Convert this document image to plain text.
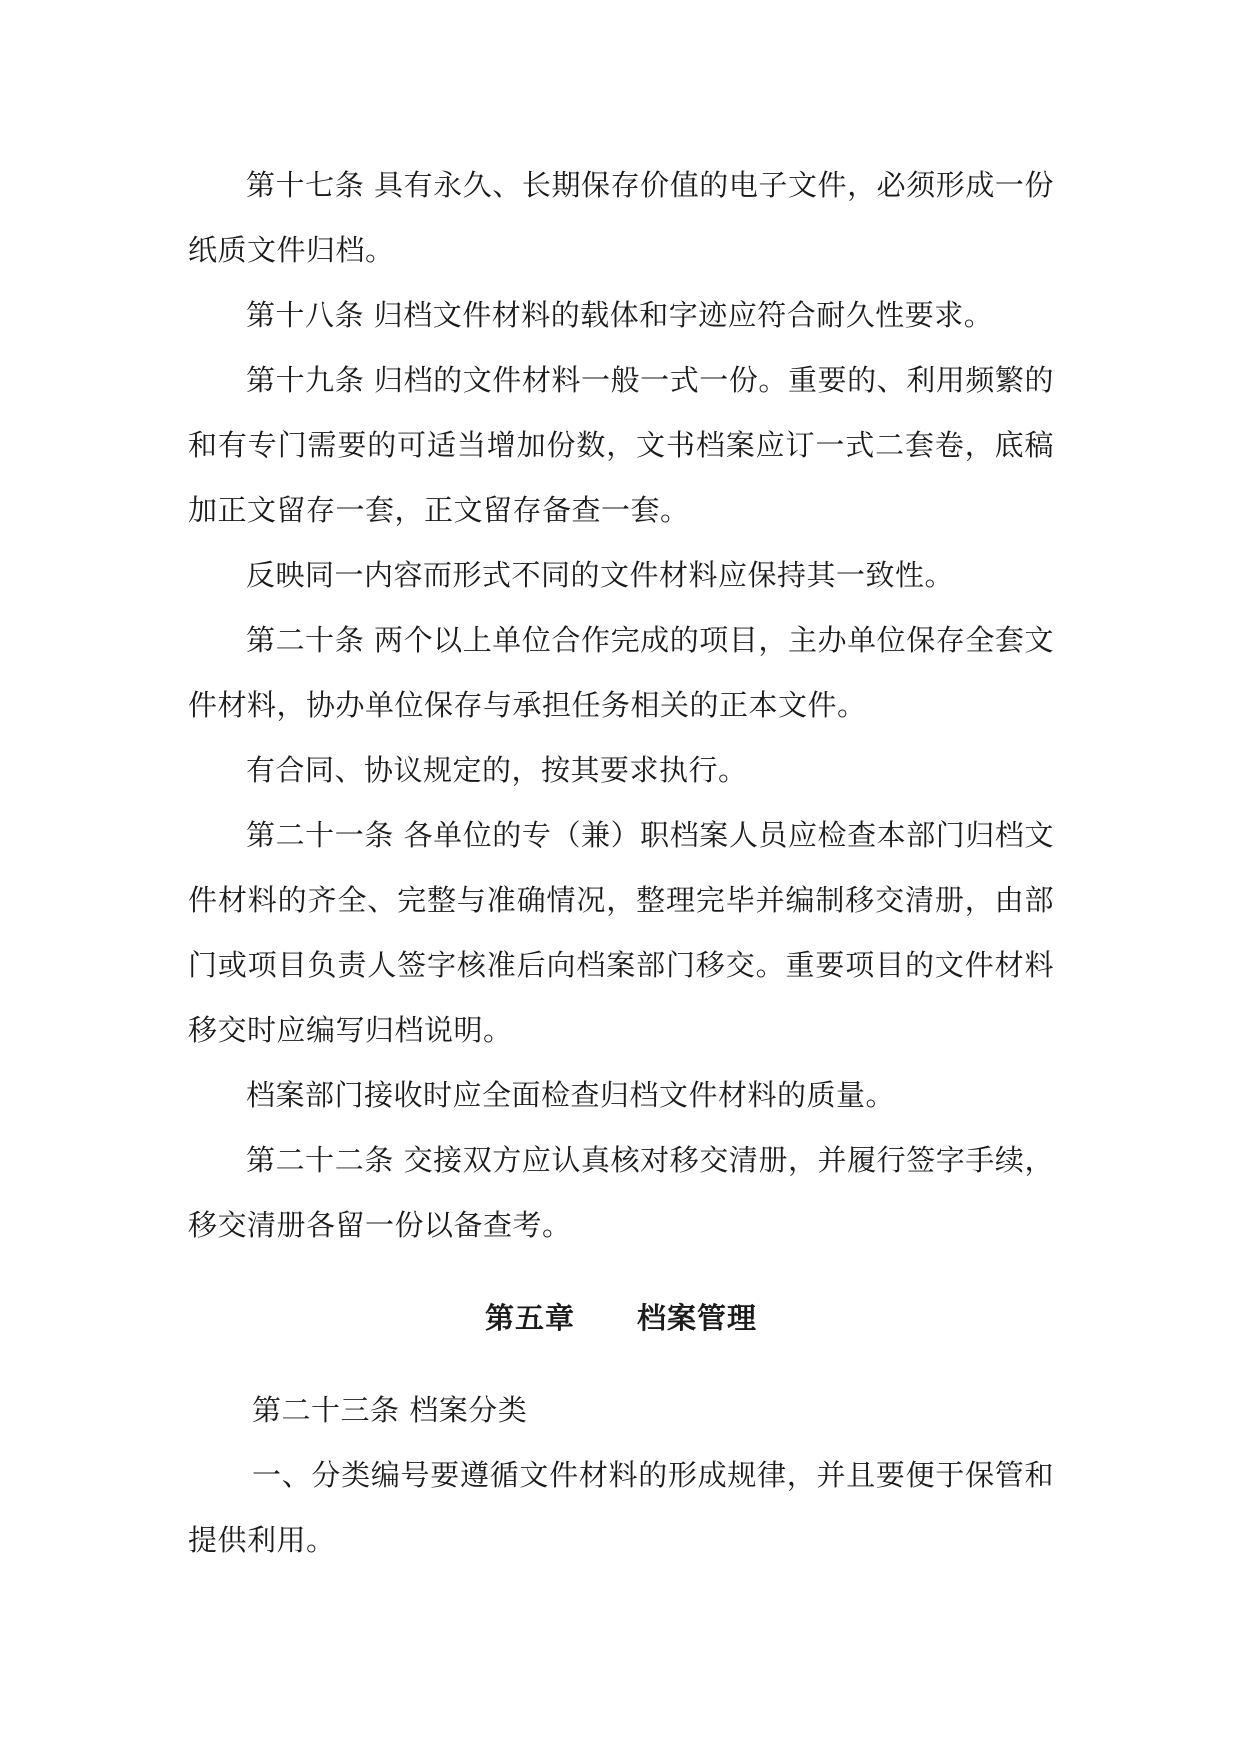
第十七条 具有永久、长期保存价值的电子文件，必须形成一份纸质文件归档。

第十八条 归档文件材料的载体和字迹应符合耐久性要求。

第十九条 归档的文件材料一般一式一份。重要的、利用频繁的和有专门需要的可适当增加份数，文书档案应订一式二套卷，底稿加正文留存一套，正文留存备查一套。

反映同一内容而形式不同的文件材料应保持其一致性。

第二十条 两个以上单位合作完成的项目，主办单位保存全套文件材料，协办单位保存与承担任务相关的正本文件。

有合同、协议规定的，按其要求执行。

第二十一条 各单位的专（兼）职档案人员应检查本部门归档文件材料的齐全、完整与准确情况，整理完毕并编制移交清册，由部门或项目负责人签字核准后向档案部门移交。重要项目的文件材料移交时应编写归档说明。

档案部门接收时应全面检查归档文件材料的质量。

第二十二条 交接双方应认真核对移交清册，并履行签字手续，移交清册各留一份以备查考。

第五章 档案管理

第二十三条 档案分类

一、分类编号要遵循文件材料的形成规律，并且要便于保管和提供利用。
